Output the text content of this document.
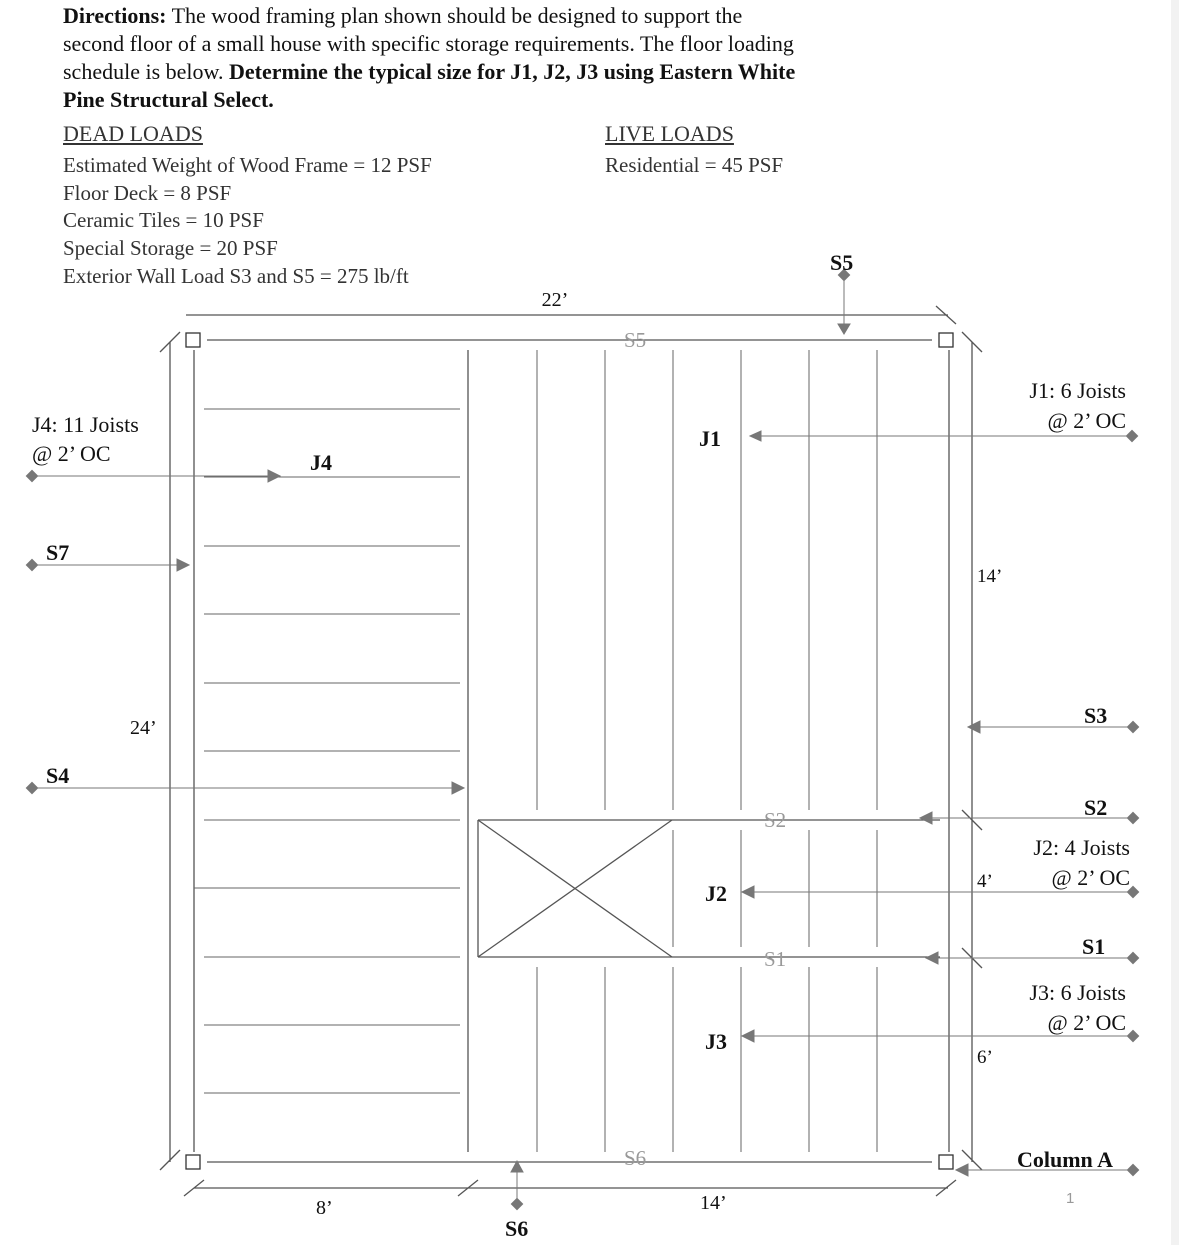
Directions: The wood framing plan shown should be designed to support the second floor of a small house with specific storage requirements. The floor loading schedule is below. Determine the typical size for J1, J2, J3 using Eastern White Pine Structural Select.
DEAD LOADS
Estimated Weight of Wood Frame = 12 PSF
Floor Deck = 8 PSF
Ceramic Tiles = 10 PSF
Special Storage = 20 PSF
Exterior Wall Load S3 and S5 = 275 lb/ft
LIVE LOADS
Residential = 45 PSF
22’
24’
14’
4’
6’
8’	14’
S5
S5
S6
S2
S1
J1
J4
J2
J3
S7
S4
S3
S2
S1
S6
J1: 6 Joists
@ 2’ OC
J4: 11 Joists
@ 2’ OC
J2: 4 Joists
@ 2’ OC
J3: 6 Joists
@ 2’ OC
Column A
1
